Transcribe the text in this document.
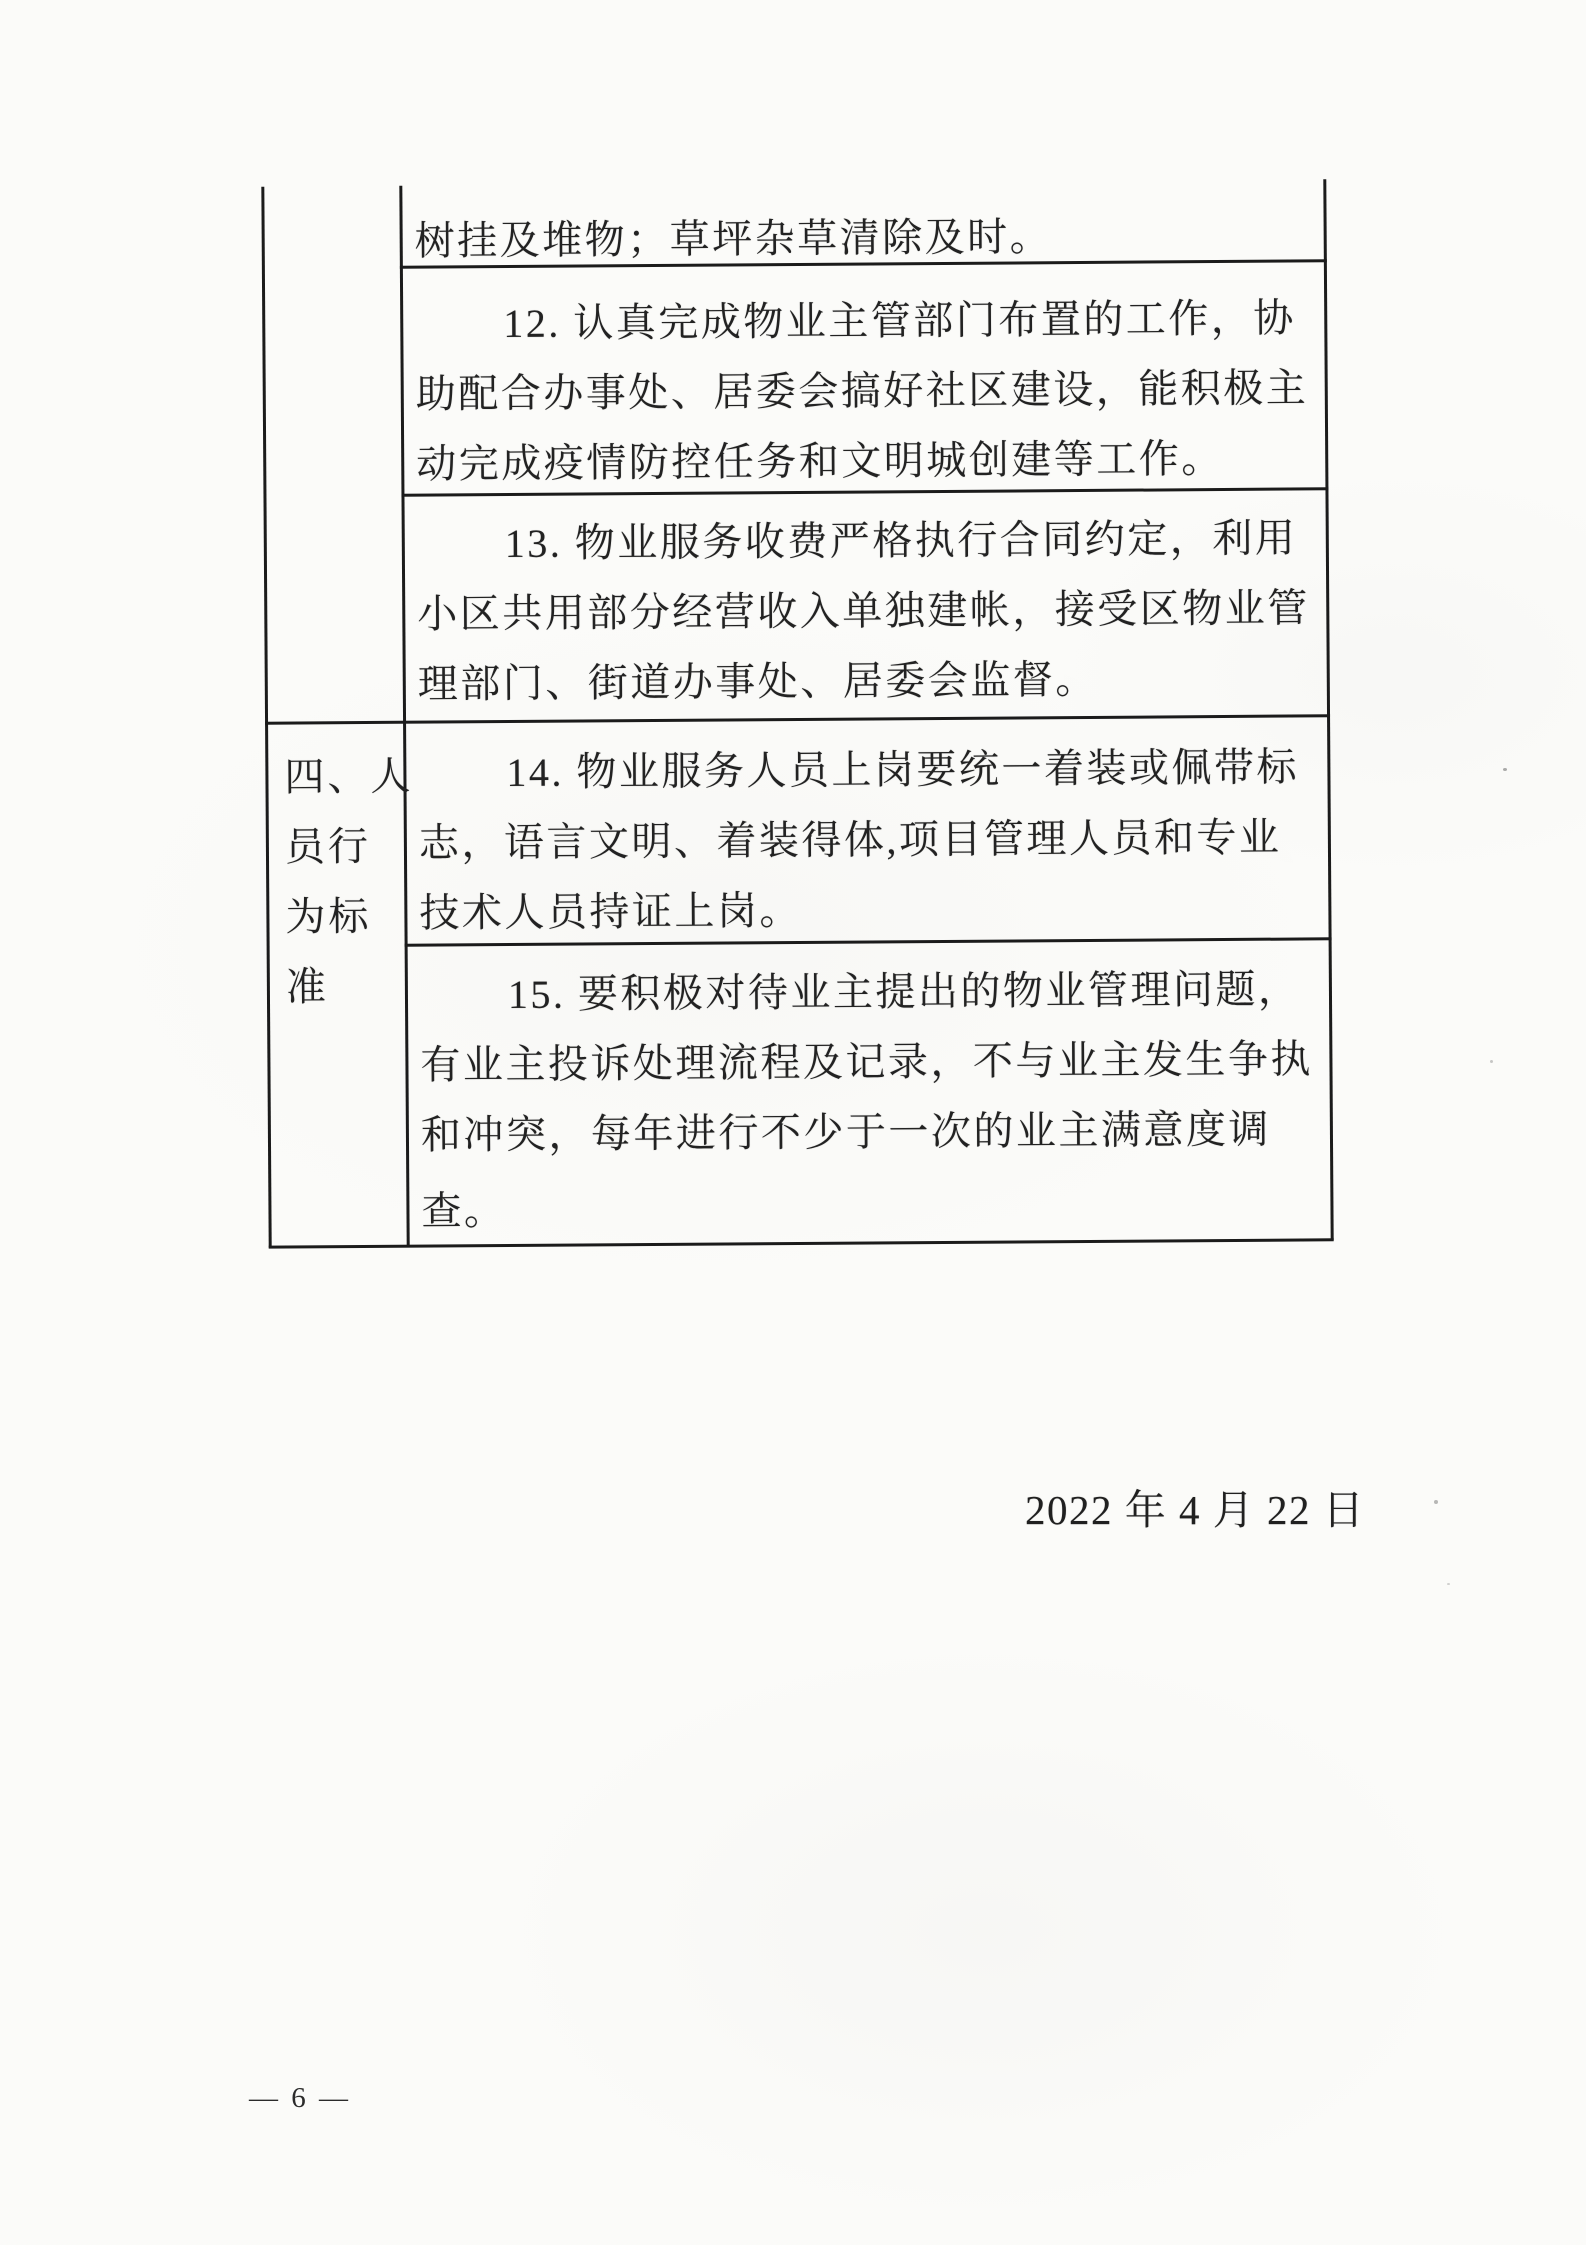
四、人
员行
为标
准
树挂及堆物；草坪杂草清除及时。
12. 认真完成物业主管部门布置的工作，协
助配合办事处、居委会搞好社区建设，能积极主
动完成疫情防控任务和文明城创建等工作。
13. 物业服务收费严格执行合同约定，利用
小区共用部分经营收入单独建帐，接受区物业管
理部门、街道办事处、居委会监督。
14. 物业服务人员上岗要统一着装或佩带标
志，语言文明、着装得体,项目管理人员和专业
技术人员持证上岗。
15. 要积极对待业主提出的物业管理问题，
有业主投诉处理流程及记录，不与业主发生争执
和冲突，每年进行不少于一次的业主满意度调
查。
2022 年 4 月 22 日
— 6 —
